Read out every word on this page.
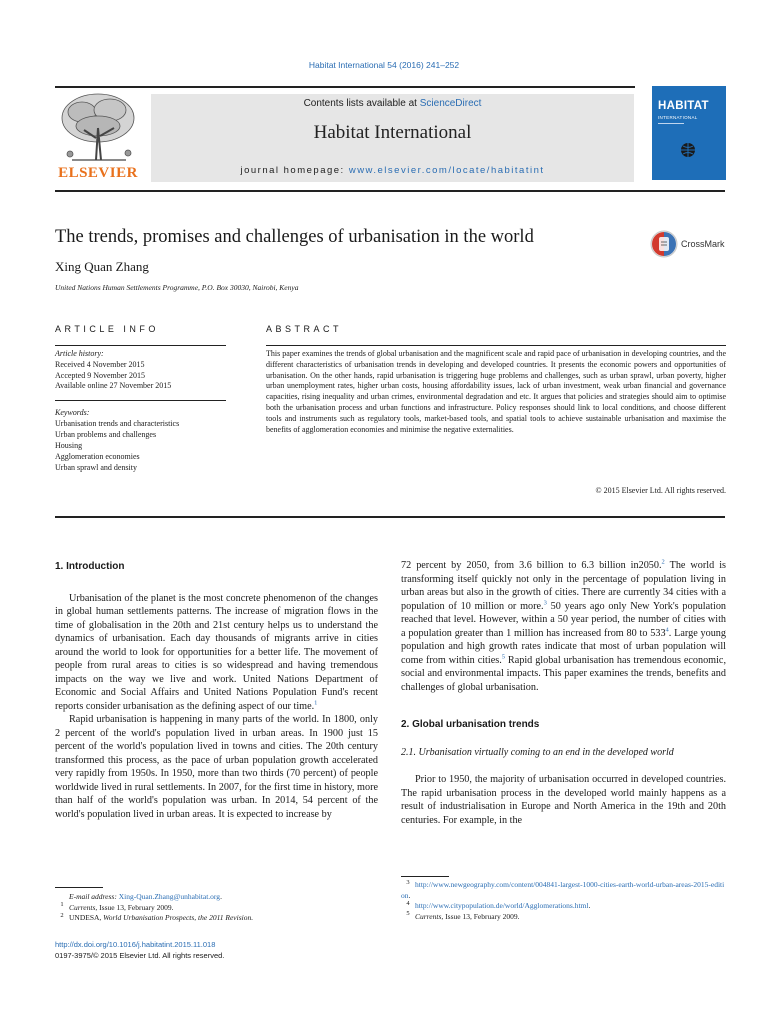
Habitat International 54 (2016) 241–252
ELSEVIER
Contents lists available at ScienceDirect
Habitat International
journal homepage: www.elsevier.com/locate/habitatint
HABITAT
INTERNATIONAL
The trends, promises and challenges of urbanisation in the world	CrossMark
Xing Quan Zhang
United Nations Human Settlements Programme, P.O. Box 30030, Nairobi, Kenya
ARTICLE INFO	ABSTRACT
Article history:
Received 4 November 2015
Accepted 9 November 2015
Available online 27 November 2015
Keywords:
Urbanisation trends and characteristics
Urban problems and challenges
Housing
Agglomeration economies
Urban sprawl and density
This paper examines the trends of global urbanisation and the magnificent scale and rapid pace of urbanisation in developing countries, and the different characteristics of urbanisation trends in developing and developed countries. It presents the economic powers and opportunities of urbanisation. On the other hands, rapid urbanisation is triggering huge problems and challenges, such as urban sprawl, urban poverty, higher urban unemployment rates, higher urban costs, housing affordability issues, lack of urban investment, weak urban financial and governance capacities, rising inequality and urban crimes, environmental degradation and etc. It argues that policies and strategies should aim to optimise both the urbanisation process and urban functions and infrastructure. Policy responses should link to local conditions, and choose different tools and instruments such as regulatory tools, market-based tools, and spatial tools to achieve sustainable urbanisation and maximise the benefits of agglomeration economies and minimise the negative externalities.
© 2015 Elsevier Ltd. All rights reserved.
1. Introduction

Urbanisation of the planet is the most concrete phenomenon of the changes in global human settlements patterns. The increase of migration flows in the time of globalisation in the 20th and 21st century helps us to understand the dynamics of urbanisation. Each day thousands of migrants arrive in cities around the world to look for opportunities for a better life. The movement of people from rural areas to cities is so widespread and having tremendous impacts on the way we live and work. United Nations Department of Economic and Social Affairs and United Nations Population Fund's recent reports consider urbanisation as the defining aspect of our time.$^1$

Rapid urbanisation is happening in many parts of the world. In 1800, only 2 percent of the world's population lived in urban areas. In 1900 just 15 percent of the world's population lived in towns and cities. The 20th century transformed this process, as the pace of urban population growth accelerated very rapidly from 1950s. In 1950, more than two thirds (70 percent) of people worldwide lived in rural settlements. In 2007, for the first time in history, more than half of the world's population was urban. In 2014, 54 percent of the world's population lived in urban areas. It is expected to increase by

72 percent by 2050, from 3.6 billion to 6.3 billion in2050.$^2$ The world is transforming itself quickly not only in the percentage of population living in urban areas but also in the growth of cities. There are currently 34 cities with a population of 10 million or more.$^3$ 50 years ago only New York's population reached that level. However, within a 50 year period, the number of cities with a population greater than 1 million has increased from 80 to $533^4$. Large young population and high growth rates indicate that most of urban population will come from within cities.$^5$ Rapid global urbanisation has tremendous economic, social and environmental impacts. This paper examines the trends, benefits and challenges of global urbanisation.

2. Global urbanisation trends
2.1. Urbanisation virtually coming to an end in the developed world

Prior to 1950, the majority of urbanisation occurred in developed countries. The rapid urbanisation process in the developed world mainly happens as a result of industrialisation in Europe and North America in the 19th and 20th centuries. For example, in the

E-mail address: Xing-Quan.Zhang@unhabitat.org.
$^1$ Currents, Issue 13, February 2009.
$^2$ UNDESA, World Urbanisation Prospects, the 2011 Revision.
$^3$ http://www.newgeography.com/content/004841-largest-1000-cities-earth-world-urban-areas-2015-edition.
$^4$ http://www.citypopulation.de/world/Agglomerations.html.
$^5$ Currents, Issue 13, February 2009.
http://dx.doi.org/10.1016/j.habitatint.2015.11.018
0197-3975/© 2015 Elsevier Ltd. All rights reserved.
